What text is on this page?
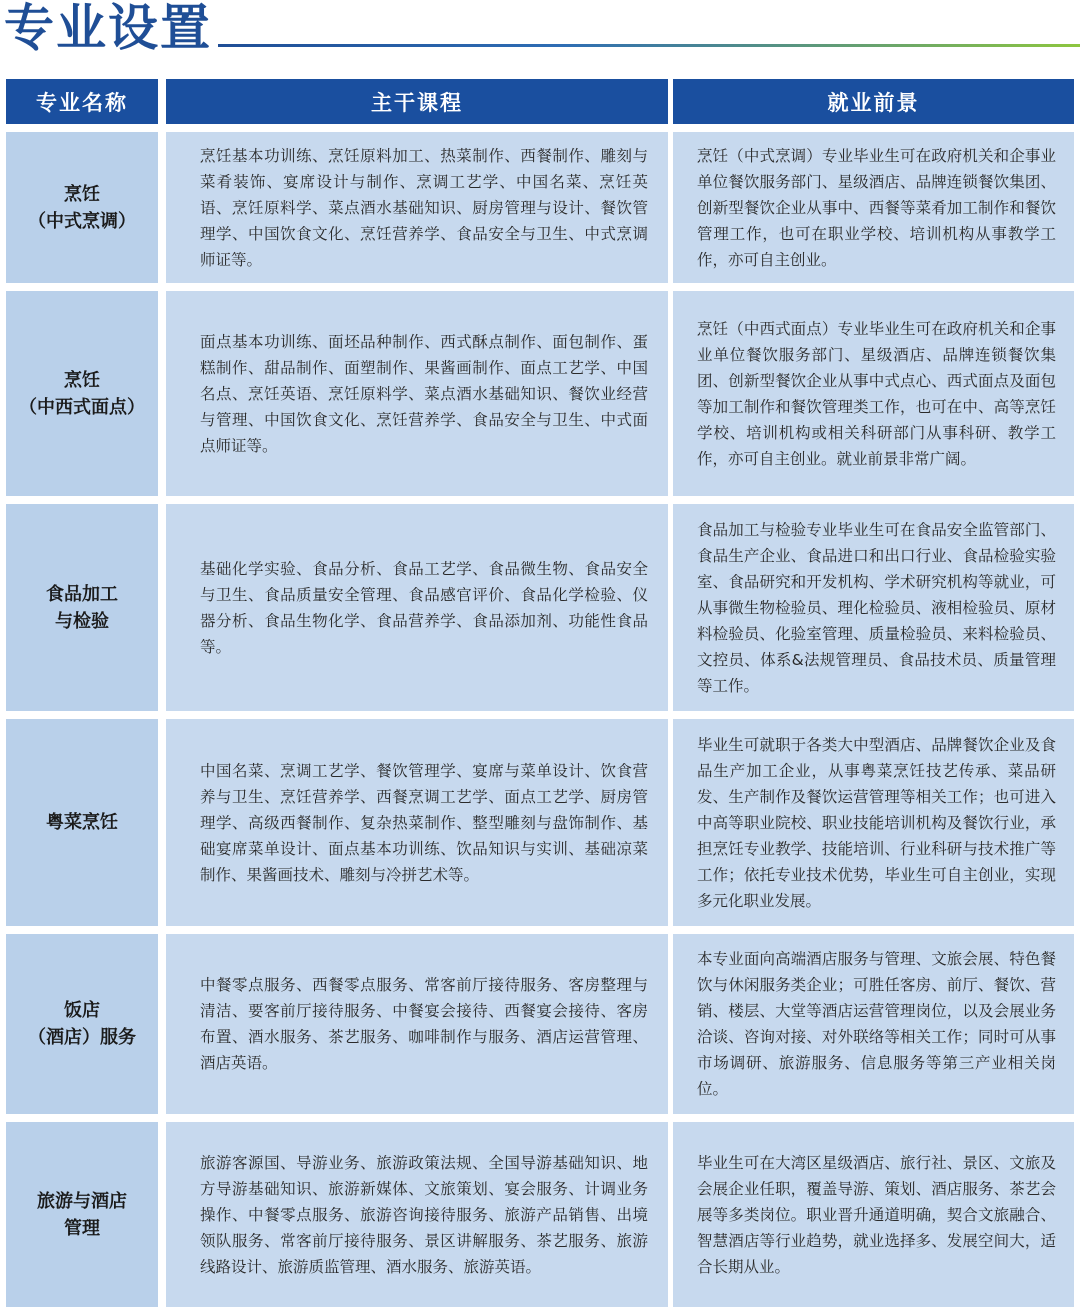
专业设置
专业名称	主干课程	就业前景
烹饪
（中式烹调）
烹饪基本功训练、烹饪原料加工、热菜制作、西餐制作、雕刻与菜肴装饰、宴席设计与制作、烹调工艺学、中国名菜、烹饪英语、烹饪原料学、菜点酒水基础知识、厨房管理与设计、餐饮管理学、中国饮食文化、烹饪营养学、食品安全与卫生、中式烹调师证等。
烹饪（中式烹调）专业毕业生可在政府机关和企事业单位餐饮服务部门、星级酒店、品牌连锁餐饮集团、创新型餐饮企业从事中、西餐等菜肴加工制作和餐饮管理工作，也可在职业学校、培训机构从事教学工作，亦可自主创业。
烹饪
（中西式面点）
面点基本功训练、面坯品种制作、西式酥点制作、面包制作、蛋糕制作、甜品制作、面塑制作、果酱画制作、面点工艺学、中国名点、烹饪英语、烹饪原料学、菜点酒水基础知识、餐饮业经营与管理、中国饮食文化、烹饪营养学、食品安全与卫生、中式面点师证等。
烹饪（中西式面点）专业毕业生可在政府机关和企事业单位餐饮服务部门、星级酒店、品牌连锁餐饮集团、创新型餐饮企业从事中式点心、西式面点及面包等加工制作和餐饮管理类工作，也可在中、高等烹饪学校、培训机构或相关科研部门从事科研、教学工作，亦可自主创业。就业前景非常广阔。
食品加工
与检验
基础化学实验、食品分析、食品工艺学、食品微生物、食品安全与卫生、食品质量安全管理、食品感官评价、食品化学检验、仪器分析、食品生物化学、食品营养学、食品添加剂、功能性食品等。
食品加工与检验专业毕业生可在食品安全监管部门、食品生产企业、食品进口和出口行业、食品检验实验室、食品研究和开发机构、学术研究机构等就业，可从事微生物检验员、理化检验员、液相检验员、原材料检验员、化验室管理、质量检验员、来料检验员、文控员、体系&法规管理员、食品技术员、质量管理等工作。
粤菜烹饪
中国名菜、烹调工艺学、餐饮管理学、宴席与菜单设计、饮食营养与卫生、烹饪营养学、西餐烹调工艺学、面点工艺学、厨房管理学、高级西餐制作、复杂热菜制作、整型雕刻与盘饰制作、基础宴席菜单设计、面点基本功训练、饮品知识与实训、基础凉菜制作、果酱画技术、雕刻与冷拼艺术等。
毕业生可就职于各类大中型酒店、品牌餐饮企业及食品生产加工企业，从事粤菜烹饪技艺传承、菜品研发、生产制作及餐饮运营管理等相关工作；也可进入中高等职业院校、职业技能培训机构及餐饮行业，承担烹饪专业教学、技能培训、行业科研与技术推广等工作；依托专业技术优势，毕业生可自主创业，实现多元化职业发展。
饭店
（酒店）服务
中餐零点服务、西餐零点服务、常客前厅接待服务、客房整理与清洁、要客前厅接待服务、中餐宴会接待、西餐宴会接待、客房布置、酒水服务、茶艺服务、咖啡制作与服务、酒店运营管理、酒店英语。
本专业面向高端酒店服务与管理、文旅会展、特色餐饮与休闲服务类企业；可胜任客房、前厅、餐饮、营销、楼层、大堂等酒店运营管理岗位，以及会展业务洽谈、咨询对接、对外联络等相关工作；同时可从事市场调研、旅游服务、信息服务等第三产业相关岗位。
旅游与酒店
管理
旅游客源国、导游业务、旅游政策法规、全国导游基础知识、地方导游基础知识、旅游新媒体、文旅策划、宴会服务、计调业务操作、中餐零点服务、旅游咨询接待服务、旅游产品销售、出境领队服务、常客前厅接待服务、景区讲解服务、茶艺服务、旅游线路设计、旅游质监管理、酒水服务、旅游英语。
毕业生可在大湾区星级酒店、旅行社、景区、文旅及会展企业任职，覆盖导游、策划、酒店服务、茶艺会展等多类岗位。职业晋升通道明确，契合文旅融合、智慧酒店等行业趋势，就业选择多、发展空间大，适合长期从业。
